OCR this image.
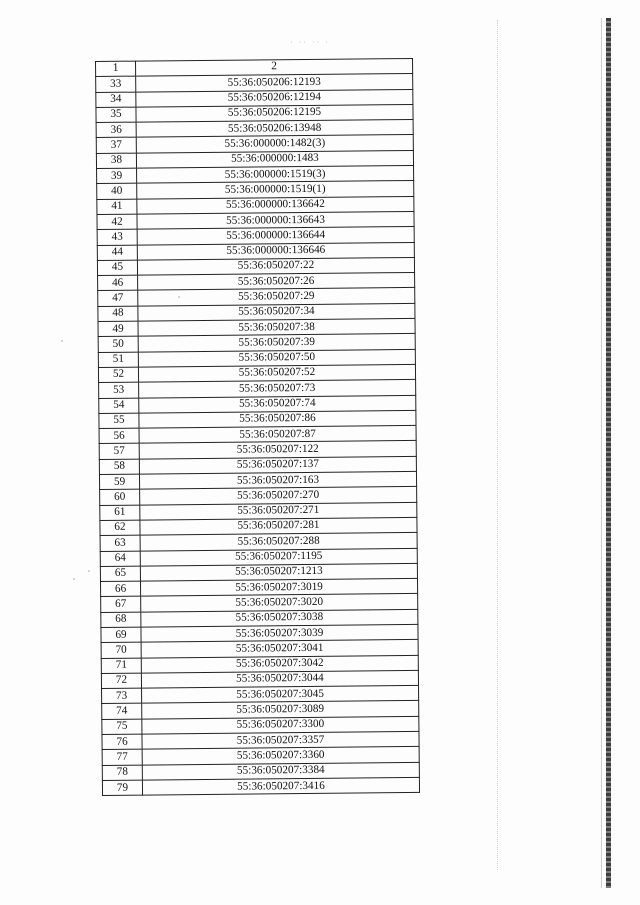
· ·· ·· ·
1	2
33	55:36:050206:12193
34	55:36:050206:12194
35	55:36:050206:12195
36	55:36:050206:13948
37	55:36:000000:1482(3)
38	55:36:000000:1483
39	55:36:000000:1519(3)
40	55:36:000000:1519(1)
41	55:36:000000:136642
42	55:36:000000:136643
43	55:36:000000:136644
44	55:36:000000:136646
45	55:36:050207:22
46	55:36:050207:26
47	55:36:050207:29
48	55:36:050207:34
49	55:36:050207:38
50	55:36:050207:39
51	55:36:050207:50
52	55:36:050207:52
53	55:36:050207:73
54	55:36:050207:74
55	55:36:050207:86
56	55:36:050207:87
57	55:36:050207:122
58	55:36:050207:137
59	55:36:050207:163
60	55:36:050207:270
61	55:36:050207:271
62	55:36:050207:281
63	55:36:050207:288
64	55:36:050207:1195
65	55:36:050207:1213
66	55:36:050207:3019
67	55:36:050207:3020
68	55:36:050207:3038
69	55:36:050207:3039
70	55:36:050207:3041
71	55:36:050207:3042
72	55:36:050207:3044
73	55:36:050207:3045
74	55:36:050207:3089
75	55:36:050207:3300
76	55:36:050207:3357
77	55:36:050207:3360
78	55:36:050207:3384
79	55:36:050207:3416
